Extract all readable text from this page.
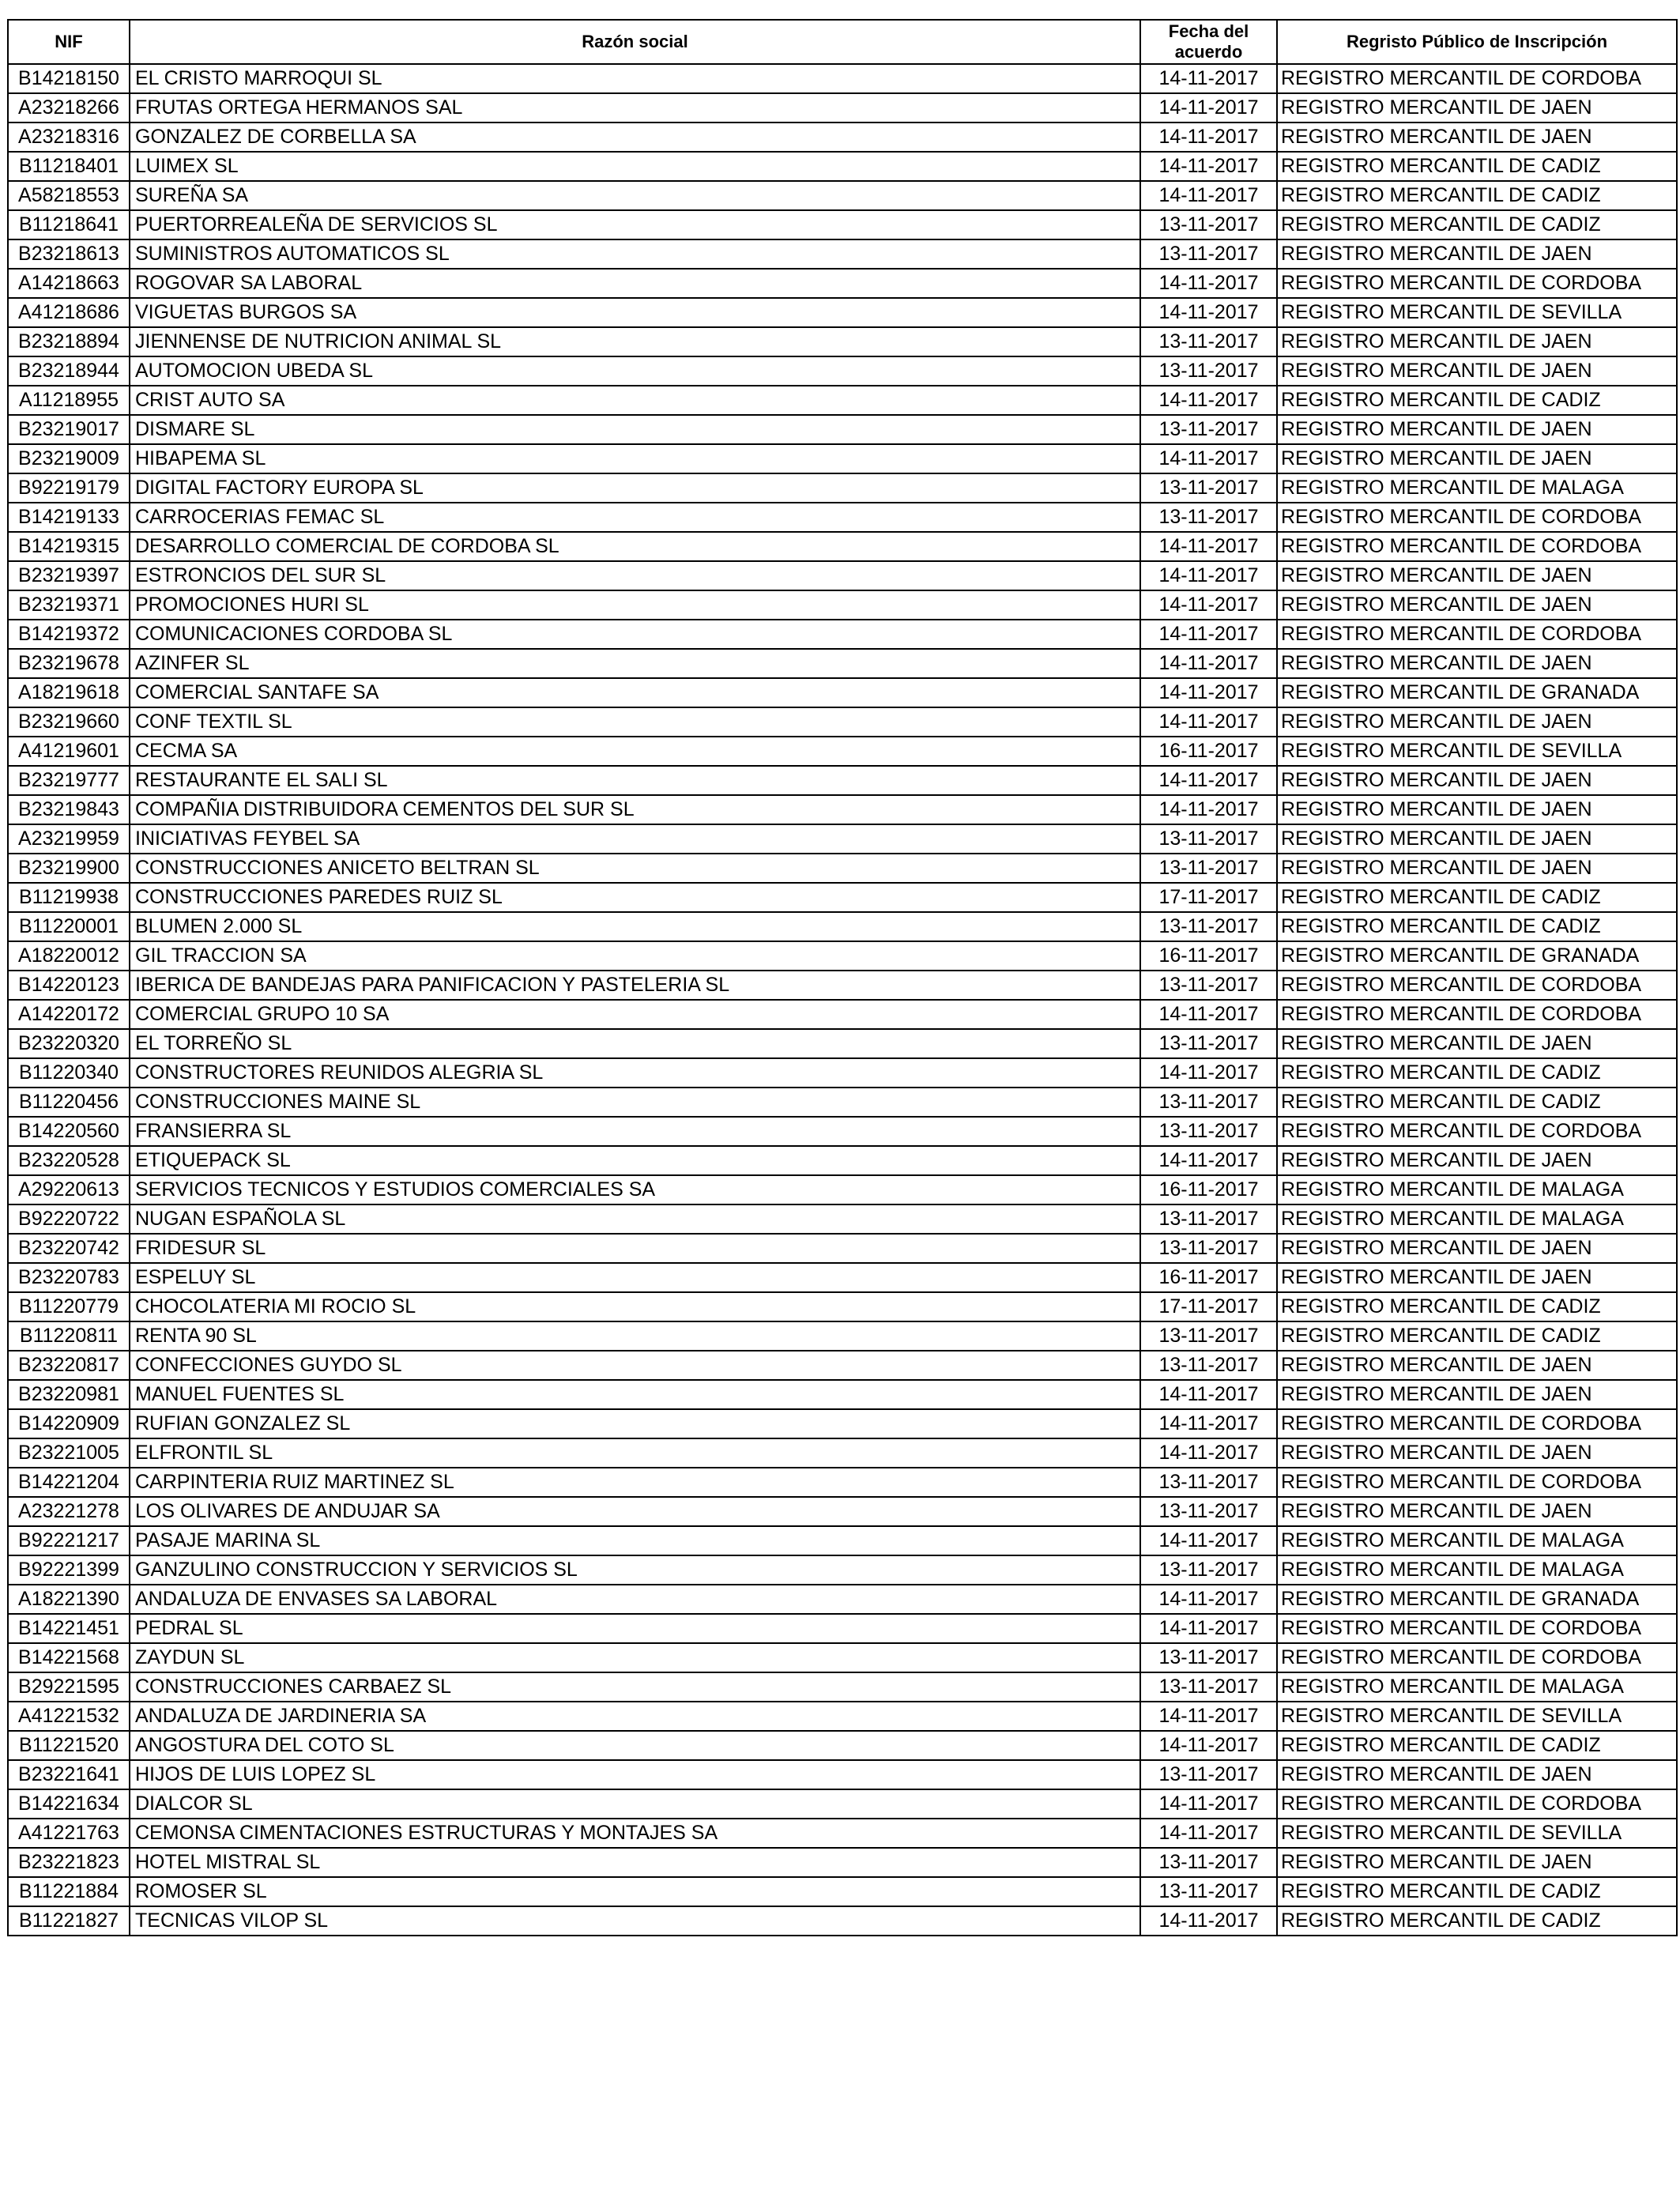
NIF	Razón social	Fecha del acuerdo	Regristo Público de Inscripción
B14218150	EL CRISTO MARROQUI SL	14-11-2017	REGISTRO MERCANTIL DE CORDOBA
A23218266	FRUTAS ORTEGA HERMANOS SAL	14-11-2017	REGISTRO MERCANTIL DE JAEN
A23218316	GONZALEZ DE CORBELLA SA	14-11-2017	REGISTRO MERCANTIL DE JAEN
B11218401	LUIMEX SL	14-11-2017	REGISTRO MERCANTIL DE CADIZ
A58218553	SUREÑA SA	14-11-2017	REGISTRO MERCANTIL DE CADIZ
B11218641	PUERTORREALEÑA DE SERVICIOS SL	13-11-2017	REGISTRO MERCANTIL DE CADIZ
B23218613	SUMINISTROS AUTOMATICOS SL	13-11-2017	REGISTRO MERCANTIL DE JAEN
A14218663	ROGOVAR SA LABORAL	14-11-2017	REGISTRO MERCANTIL DE CORDOBA
A41218686	VIGUETAS BURGOS SA	14-11-2017	REGISTRO MERCANTIL DE SEVILLA
B23218894	JIENNENSE DE NUTRICION ANIMAL SL	13-11-2017	REGISTRO MERCANTIL DE JAEN
B23218944	AUTOMOCION UBEDA SL	13-11-2017	REGISTRO MERCANTIL DE JAEN
A11218955	CRIST AUTO SA	14-11-2017	REGISTRO MERCANTIL DE CADIZ
B23219017	DISMARE SL	13-11-2017	REGISTRO MERCANTIL DE JAEN
B23219009	HIBAPEMA SL	14-11-2017	REGISTRO MERCANTIL DE JAEN
B92219179	DIGITAL FACTORY EUROPA SL	13-11-2017	REGISTRO MERCANTIL DE MALAGA
B14219133	CARROCERIAS FEMAC SL	13-11-2017	REGISTRO MERCANTIL DE CORDOBA
B14219315	DESARROLLO COMERCIAL DE CORDOBA SL	14-11-2017	REGISTRO MERCANTIL DE CORDOBA
B23219397	ESTRONCIOS DEL SUR SL	14-11-2017	REGISTRO MERCANTIL DE JAEN
B23219371	PROMOCIONES HURI SL	14-11-2017	REGISTRO MERCANTIL DE JAEN
B14219372	COMUNICACIONES CORDOBA SL	14-11-2017	REGISTRO MERCANTIL DE CORDOBA
B23219678	AZINFER SL	14-11-2017	REGISTRO MERCANTIL DE JAEN
A18219618	COMERCIAL SANTAFE SA	14-11-2017	REGISTRO MERCANTIL DE GRANADA
B23219660	CONF TEXTIL SL	14-11-2017	REGISTRO MERCANTIL DE JAEN
A41219601	CECMA SA	16-11-2017	REGISTRO MERCANTIL DE SEVILLA
B23219777	RESTAURANTE EL SALI SL	14-11-2017	REGISTRO MERCANTIL DE JAEN
B23219843	COMPAÑIA DISTRIBUIDORA CEMENTOS DEL SUR SL	14-11-2017	REGISTRO MERCANTIL DE JAEN
A23219959	INICIATIVAS FEYBEL SA	13-11-2017	REGISTRO MERCANTIL DE JAEN
B23219900	CONSTRUCCIONES ANICETO BELTRAN SL	13-11-2017	REGISTRO MERCANTIL DE JAEN
B11219938	CONSTRUCCIONES PAREDES RUIZ SL	17-11-2017	REGISTRO MERCANTIL DE CADIZ
B11220001	BLUMEN 2.000 SL	13-11-2017	REGISTRO MERCANTIL DE CADIZ
A18220012	GIL TRACCION SA	16-11-2017	REGISTRO MERCANTIL DE GRANADA
B14220123	IBERICA DE BANDEJAS PARA PANIFICACION Y PASTELERIA SL	13-11-2017	REGISTRO MERCANTIL DE CORDOBA
A14220172	COMERCIAL GRUPO 10 SA	14-11-2017	REGISTRO MERCANTIL DE CORDOBA
B23220320	EL TORREÑO SL	13-11-2017	REGISTRO MERCANTIL DE JAEN
B11220340	CONSTRUCTORES REUNIDOS ALEGRIA SL	14-11-2017	REGISTRO MERCANTIL DE CADIZ
B11220456	CONSTRUCCIONES MAINE SL	13-11-2017	REGISTRO MERCANTIL DE CADIZ
B14220560	FRANSIERRA SL	13-11-2017	REGISTRO MERCANTIL DE CORDOBA
B23220528	ETIQUEPACK SL	14-11-2017	REGISTRO MERCANTIL DE JAEN
A29220613	SERVICIOS TECNICOS Y ESTUDIOS COMERCIALES SA	16-11-2017	REGISTRO MERCANTIL DE MALAGA
B92220722	NUGAN ESPAÑOLA SL	13-11-2017	REGISTRO MERCANTIL DE MALAGA
B23220742	FRIDESUR SL	13-11-2017	REGISTRO MERCANTIL DE JAEN
B23220783	ESPELUY SL	16-11-2017	REGISTRO MERCANTIL DE JAEN
B11220779	CHOCOLATERIA MI ROCIO SL	17-11-2017	REGISTRO MERCANTIL DE CADIZ
B11220811	RENTA 90 SL	13-11-2017	REGISTRO MERCANTIL DE CADIZ
B23220817	CONFECCIONES GUYDO SL	13-11-2017	REGISTRO MERCANTIL DE JAEN
B23220981	MANUEL FUENTES SL	14-11-2017	REGISTRO MERCANTIL DE JAEN
B14220909	RUFIAN GONZALEZ SL	14-11-2017	REGISTRO MERCANTIL DE CORDOBA
B23221005	ELFRONTIL SL	14-11-2017	REGISTRO MERCANTIL DE JAEN
B14221204	CARPINTERIA RUIZ MARTINEZ SL	13-11-2017	REGISTRO MERCANTIL DE CORDOBA
A23221278	LOS OLIVARES DE ANDUJAR SA	13-11-2017	REGISTRO MERCANTIL DE JAEN
B92221217	PASAJE MARINA SL	14-11-2017	REGISTRO MERCANTIL DE MALAGA
B92221399	GANZULINO CONSTRUCCION Y SERVICIOS SL	13-11-2017	REGISTRO MERCANTIL DE MALAGA
A18221390	ANDALUZA DE ENVASES SA LABORAL	14-11-2017	REGISTRO MERCANTIL DE GRANADA
B14221451	PEDRAL SL	14-11-2017	REGISTRO MERCANTIL DE CORDOBA
B14221568	ZAYDUN SL	13-11-2017	REGISTRO MERCANTIL DE CORDOBA
B29221595	CONSTRUCCIONES CARBAEZ SL	13-11-2017	REGISTRO MERCANTIL DE MALAGA
A41221532	ANDALUZA DE JARDINERIA SA	14-11-2017	REGISTRO MERCANTIL DE SEVILLA
B11221520	ANGOSTURA DEL COTO SL	14-11-2017	REGISTRO MERCANTIL DE CADIZ
B23221641	HIJOS DE LUIS LOPEZ SL	13-11-2017	REGISTRO MERCANTIL DE JAEN
B14221634	DIALCOR SL	14-11-2017	REGISTRO MERCANTIL DE CORDOBA
A41221763	CEMONSA CIMENTACIONES ESTRUCTURAS Y MONTAJES SA	14-11-2017	REGISTRO MERCANTIL DE SEVILLA
B23221823	HOTEL MISTRAL SL	13-11-2017	REGISTRO MERCANTIL DE JAEN
B11221884	ROMOSER SL	13-11-2017	REGISTRO MERCANTIL DE CADIZ
B11221827	TECNICAS VILOP SL	14-11-2017	REGISTRO MERCANTIL DE CADIZ
